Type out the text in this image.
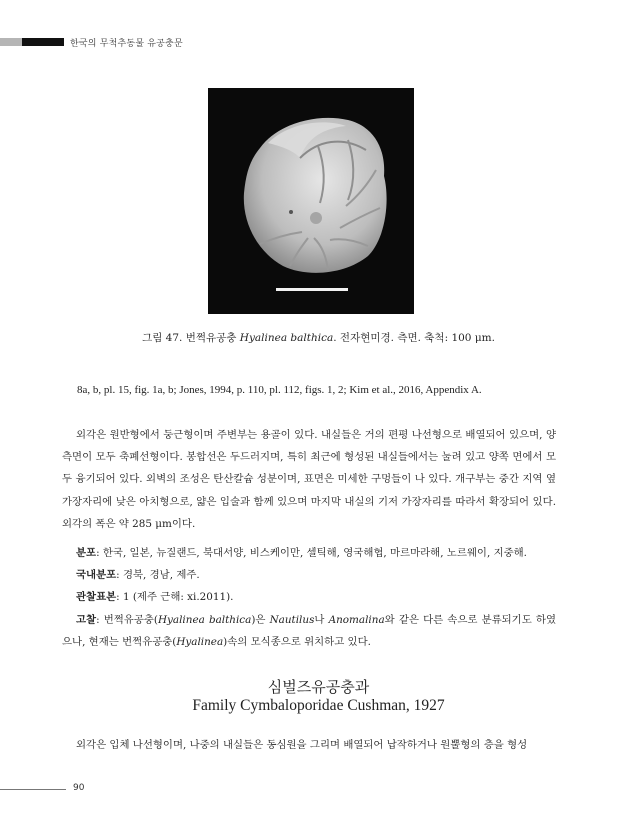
한국의 무척추동물 유공충문
그림 47. 번쩍유공충 Hyalinea balthica. 전자현미경. 측면. 축척: 100 μm.
8a, b, pl. 15, fig. 1a, b; Jones, 1994, p. 110, pl. 112, figs. 1, 2; Kim et al., 2016, Appendix A.
외각은 원반형에서 둥근형이며 주변부는 용골이 있다. 내실들은 거의 편평 나선형으로 배열되어 있으며, 양 측면이 모두 축폐선형이다. 봉합선은 두드러지며, 특히 최근에 형성된 내실들에서는 눌려 있고 양쪽 면에서 모두 융기되어 있다. 외벽의 조성은 탄산칼슘 성분이며, 표면은 미세한 구멍들이 나 있다. 개구부는 중간 지역 옆가장자리에 낮은 아치형으로, 얇은 입술과 함께 있으며 마지막 내실의 기저 가장자리를 따라서 확장되어 있다. 외각의 폭은 약 285 μm이다.
분포: 한국, 일본, 뉴질랜드, 북대서양, 비스케이만, 셀틱해, 영국해협, 마르마라해, 노르웨이, 지중해.
국내분포: 경북, 경남, 제주.
관찰표본: 1 (제주 근해: xi.2011).
고찰: 번쩍유공충(Hyalinea balthica)은 Nautilus나 Anomalina와 같은 다른 속으로 분류되기도 하였으나, 현재는 번쩍유공충(Hyalinea)속의 모식종으로 위치하고 있다.
심벌즈유공충과
Family Cymbaloporidae Cushman, 1927
외각은 입체 나선형이며, 나중의 내실들은 동심원을 그리며 배열되어 납작하거나 원뿔형의 층을 형성
90
